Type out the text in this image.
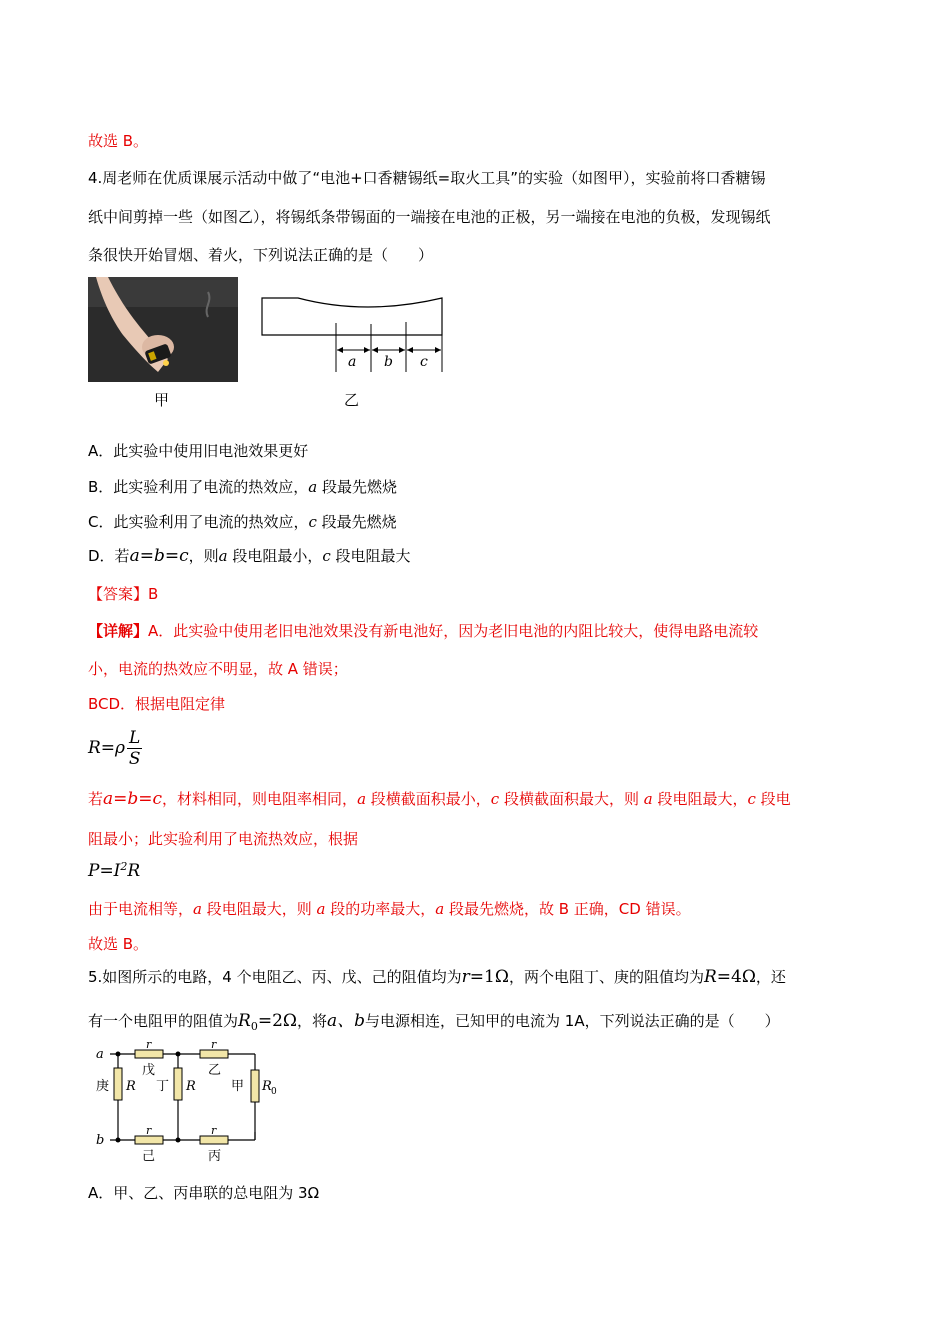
故选 B。
4.周老师在优质课展示活动中做了“电池+口香糖锡纸=取火工具”的实验（如图甲），实验前将口香糖锡
纸中间剪掉一些（如图乙），将锡纸条带锡面的一端接在电池的正极，另一端接在电池的负极，发现锡纸
条很快开始冒烟、着火，下列说法正确的是（　　）
甲
a b c
乙
A．此实验中使用旧电池效果更好
B．此实验利用了电流的热效应，a 段最先燃烧
C．此实验利用了电流的热效应，c 段最先燃烧
D．若a=b=c，则a 段电阻最小，c 段电阻最大
【答案】B
【详解】A．此实验中使用老旧电池效果没有新电池好，因为老旧电池的内阻比较大，使得电路电流较
小，电流的热效应不明显，故 A 错误；
BCD．根据电阻定律
$R=\rho \frac{L}{S}$
若a=b=c，材料相同，则电阻率相同，a 段横截面积最小，c 段横截面积最大，则 a 段电阻最大，c 段电
阻最小；此实验利用了电流热效应，根据
$P=I^2R$
由于电流相等，a 段电阻最大，则 a 段的功率最大，a 段最先燃烧，故 B 正确，CD 错误。
故选 B。
5.如图所示的电路，4 个电阻乙、丙、戊、己的阻值均为r=1Ω，两个电阻丁、庚的阻值均为R=4Ω，还
有一个电阻甲的阻值为$R_0=2\Omega$，将a、b与电源相连，已知甲的电流为 1A，下列说法正确的是（　　）
a
b
r	r
r	r
戊	乙
己	丙
庚 R 丁 R	甲 R 0
A．甲、乙、丙串联的总电阻为 3Ω
